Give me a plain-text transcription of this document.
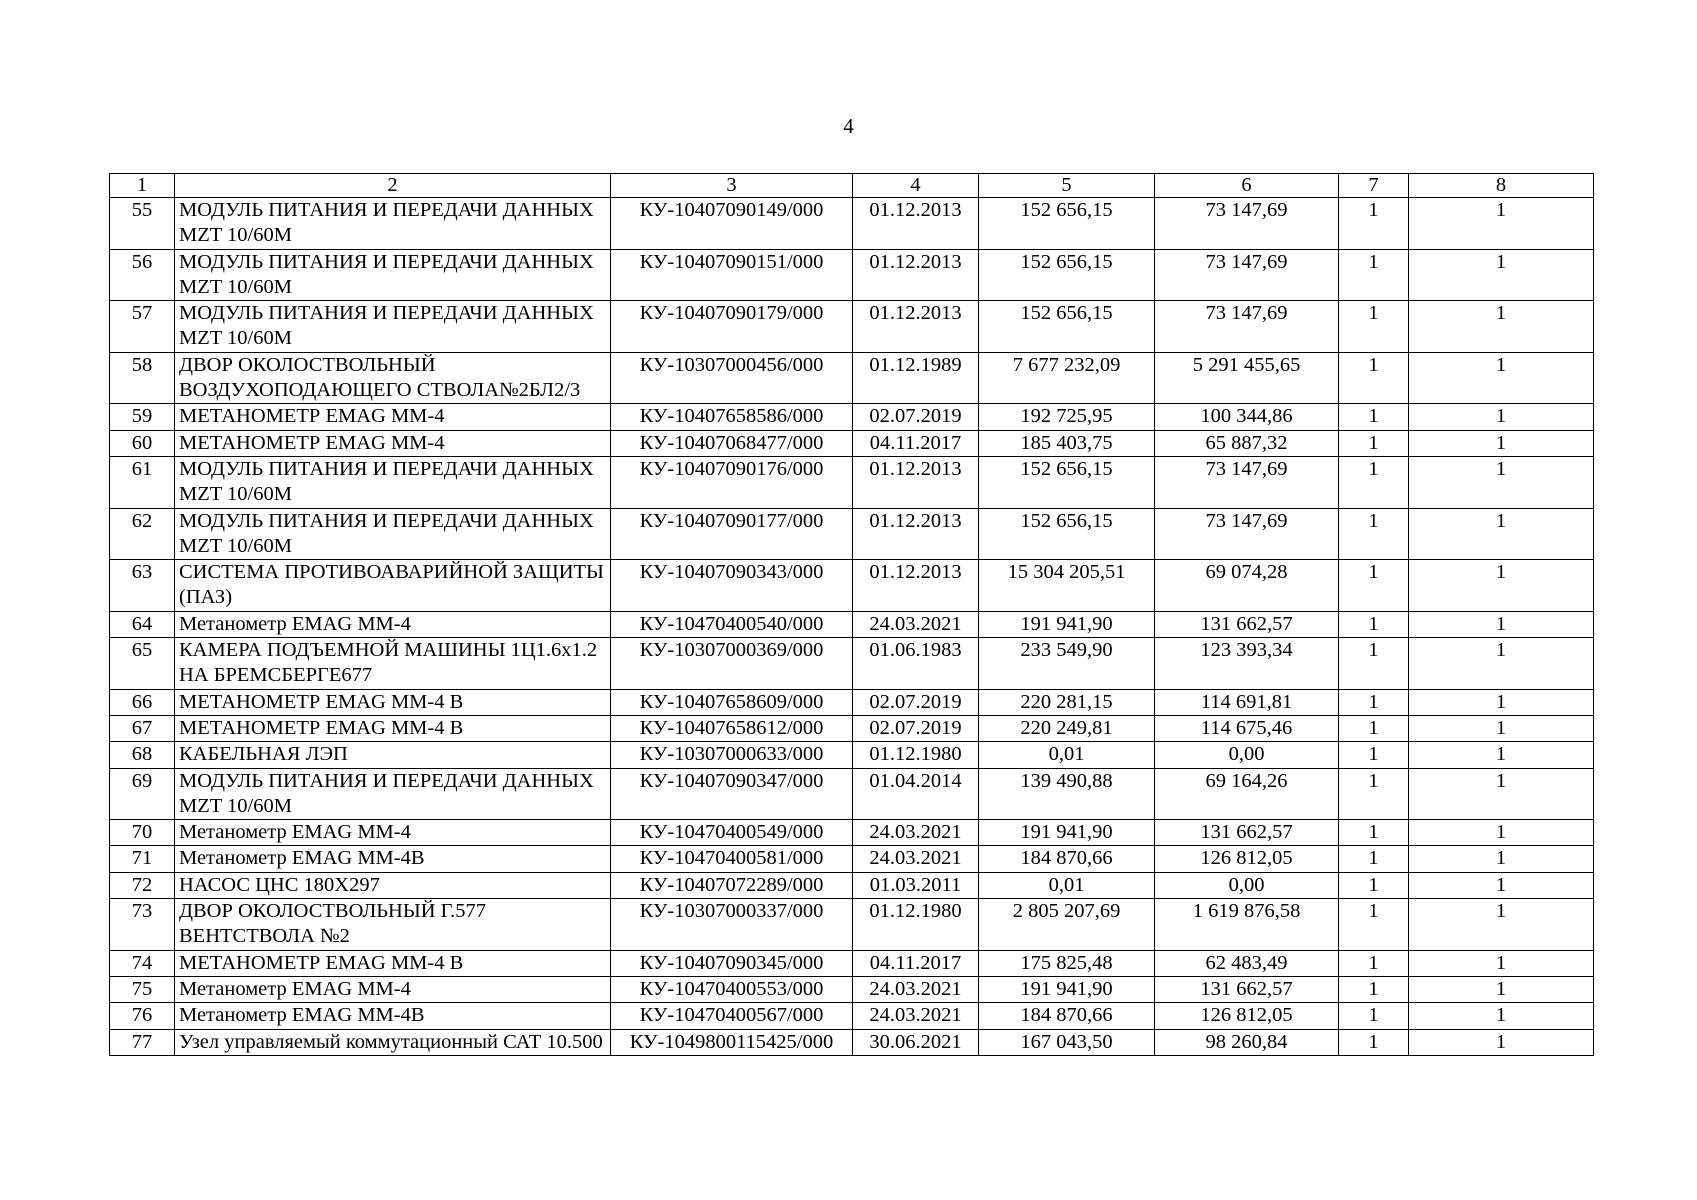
4
1	2	3	4	5	6	7	8
55	МОДУЛЬ ПИТАНИЯ И ПЕРЕДАЧИ ДАННЫХ MZT 10/60M	КУ-10407090149/000	01.12.2013	152 656,15	73 147,69	1	1
56	МОДУЛЬ ПИТАНИЯ И ПЕРЕДАЧИ ДАННЫХ MZT 10/60M	КУ-10407090151/000	01.12.2013	152 656,15	73 147,69	1	1
57	МОДУЛЬ ПИТАНИЯ И ПЕРЕДАЧИ ДАННЫХ MZT 10/60M	КУ-10407090179/000	01.12.2013	152 656,15	73 147,69	1	1
58	ДВОР ОКОЛОСТВОЛЬНЫЙ ВОЗДУХОПОДАЮЩЕГО СТВОЛА№2БЛ2/3	КУ-10307000456/000	01.12.1989	7 677 232,09	5 291 455,65	1	1
59	МЕТАНОМЕТР EMAG MM-4	КУ-10407658586/000	02.07.2019	192 725,95	100 344,86	1	1
60	МЕТАНОМЕТР EMAG MM-4	КУ-10407068477/000	04.11.2017	185 403,75	65 887,32	1	1
61	МОДУЛЬ ПИТАНИЯ И ПЕРЕДАЧИ ДАННЫХ MZT 10/60M	КУ-10407090176/000	01.12.2013	152 656,15	73 147,69	1	1
62	МОДУЛЬ ПИТАНИЯ И ПЕРЕДАЧИ ДАННЫХ MZT 10/60M	КУ-10407090177/000	01.12.2013	152 656,15	73 147,69	1	1
63	СИСТЕМА ПРОТИВОАВАРИЙНОЙ ЗАЩИТЫ (ПАЗ)	КУ-10407090343/000	01.12.2013	15 304 205,51	69 074,28	1	1
64	Метанометр EMAG MM-4	КУ-10470400540/000	24.03.2021	191 941,90	131 662,57	1	1
65	КАМЕРА ПОДЪЕМНОЙ МАШИНЫ 1Ц1.6х1.2 НА БРЕМСБЕРГЕ677	КУ-10307000369/000	01.06.1983	233 549,90	123 393,34	1	1
66	МЕТАНОМЕТР EMAG MM-4 B	КУ-10407658609/000	02.07.2019	220 281,15	114 691,81	1	1
67	МЕТАНОМЕТР EMAG MM-4 B	КУ-10407658612/000	02.07.2019	220 249,81	114 675,46	1	1
68	КАБЕЛЬНАЯ ЛЭП	КУ-10307000633/000	01.12.1980	0,01	0,00	1	1
69	МОДУЛЬ ПИТАНИЯ И ПЕРЕДАЧИ ДАННЫХ MZT 10/60M	КУ-10407090347/000	01.04.2014	139 490,88	69 164,26	1	1
70	Метанометр EMAG MM-4	КУ-10470400549/000	24.03.2021	191 941,90	131 662,57	1	1
71	Метанометр EMAG MM-4B	КУ-10470400581/000	24.03.2021	184 870,66	126 812,05	1	1
72	НАСОС ЦНС 180Х297	КУ-10407072289/000	01.03.2011	0,01	0,00	1	1
73	ДВОР ОКОЛОСТВОЛЬНЫЙ Г.577 ВЕНТСТВОЛА №2	КУ-10307000337/000	01.12.1980	2 805 207,69	1 619 876,58	1	1
74	МЕТАНОМЕТР EMAG MM-4 B	КУ-10407090345/000	04.11.2017	175 825,48	62 483,49	1	1
75	Метанометр EMAG MM-4	КУ-10470400553/000	24.03.2021	191 941,90	131 662,57	1	1
76	Метанометр EMAG MM-4B	КУ-10470400567/000	24.03.2021	184 870,66	126 812,05	1	1
77	Узел управляемый коммутационный САТ 10.500	КУ-1049800115425/000	30.06.2021	167 043,50	98 260,84	1	1
